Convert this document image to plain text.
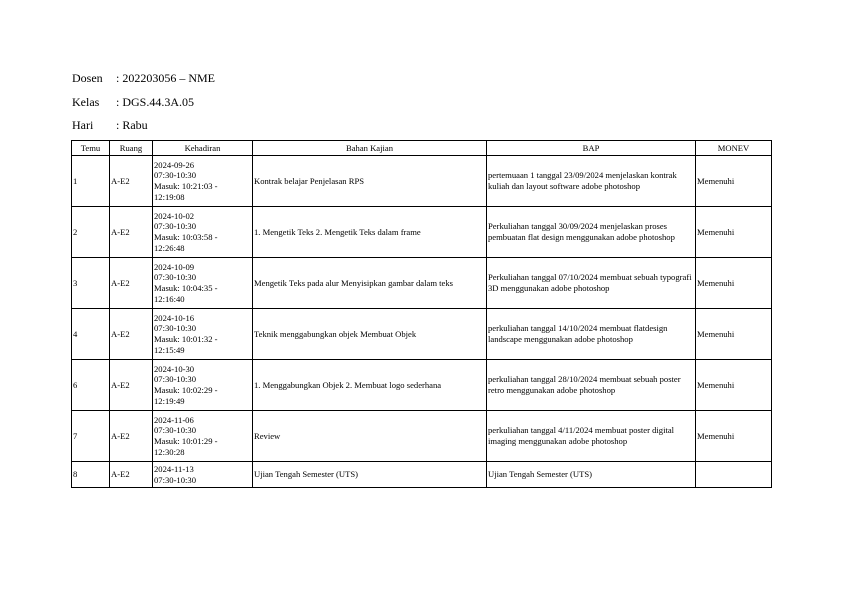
Dosen	: 202203056 – NME
Kelas	: DGS.44.3A.05
Hari	: Rabu
Temu	Ruang	Kehadiran	Bahan Kajian	BAP	MONEV
1	A-E2	2024-09-26
07:30-10:30
Masuk: 10:21:03 -
12:19:08	Kontrak belajar Penjelasan RPS	pertemuaan 1 tanggal 23/09/2024 menjelaskan kontrak kuliah dan layout software adobe photoshop	Memenuhi
2	A-E2	2024-10-02
07:30-10:30
Masuk: 10:03:58 -
12:26:48	1. Mengetik Teks 2. Mengetik Teks dalam frame	Perkuliahan tanggal 30/09/2024 menjelaskan proses pembuatan flat design menggunakan adobe photoshop	Memenuhi
3	A-E2	2024-10-09
07:30-10:30
Masuk: 10:04:35 -
12:16:40	Mengetik Teks pada alur Menyisipkan gambar dalam teks	Perkuliahan tanggal 07/10/2024 membuat sebuah typografi 3D menggunakan adobe photoshop	Memenuhi
4	A-E2	2024-10-16
07:30-10:30
Masuk: 10:01:32 -
12:15:49	Teknik menggabungkan objek Membuat Objek	perkuliahan tanggal 14/10/2024 membuat flatdesign landscape menggunakan adobe photoshop	Memenuhi
6	A-E2	2024-10-30
07:30-10:30
Masuk: 10:02:29 -
12:19:49	1. Menggabungkan Objek 2. Membuat logo sederhana	perkuliahan tanggal 28/10/2024 membuat sebuah poster retro menggunakan adobe photoshop	Memenuhi
7	A-E2	2024-11-06
07:30-10:30
Masuk: 10:01:29 -
12:30:28	Review	perkuliahan tanggal 4/11/2024 membuat poster digital imaging menggunakan adobe photoshop	Memenuhi
8	A-E2	2024-11-13
07:30-10:30	Ujian Tengah Semester (UTS)	Ujian Tengah Semester (UTS)	
